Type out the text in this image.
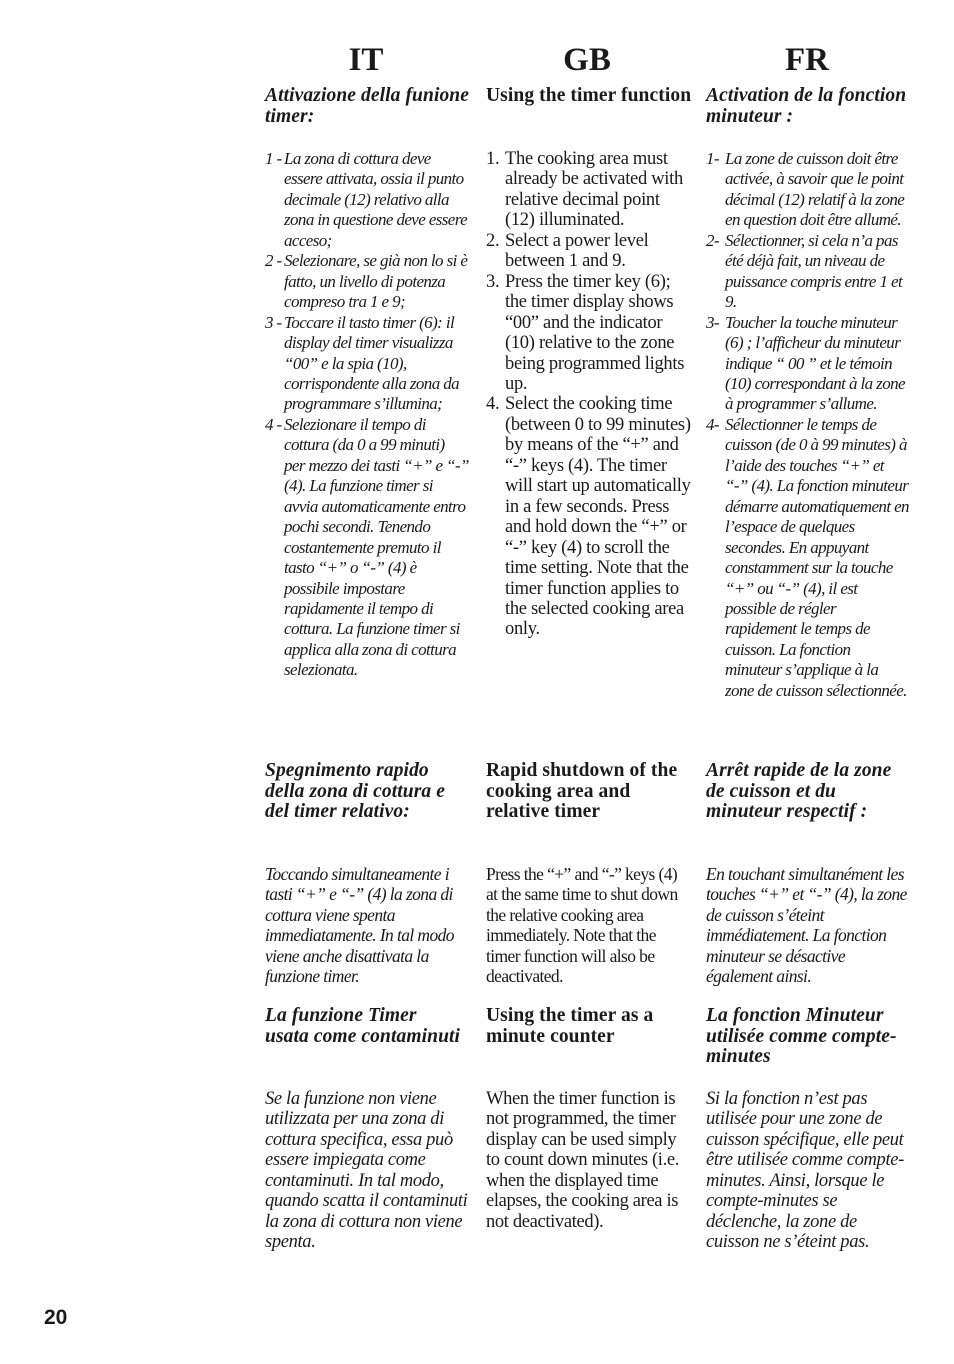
IT
Attivazione della funione timer:
1 - La zona di cottura deve essere attivata, ossia il punto decimale (12) relativo alla zona in questione deve essere acceso;
2 - Selezionare, se già non lo si è fatto, un livello di potenza compreso tra 1 e 9;
3 - Toccare il tasto timer (6): il display del timer visualizza “00” e la spia (10), corrispondente alla zona da programmare s’illumina;
4 - Selezionare il tempo di cottura (da 0 a 99 minuti) per mezzo dei tasti “+” e “-” (4). La funzione timer si avvia automaticamente entro pochi secondi. Tenendo costantemente premuto il tasto “+” o “-” (4) è possibile impostare rapidamente il tempo di cottura. La funzione timer si applica alla zona di cottura selezionata.
Spegnimento rapido della zona di cottura e del timer relativo:
Toccando simultaneamente i tasti “+” e “-” (4) la zona di cottura viene spenta immediatamente. In tal modo viene anche disattivata la funzione timer.
La funzione Timer usata come contaminuti
Se la funzione non viene utilizzata per una zona di cottura specifica, essa può essere impiegata come contaminuti. In tal modo, quando scatta il contaminuti la zona di cottura non viene spenta.
GB
Using the timer function
1. The cooking area must already be activated with relative decimal point (12) illuminated.
2. Select a power level between 1 and 9.
3. Press the timer key (6); the timer display shows “00” and the indicator (10) relative to the zone being programmed lights up.
4. Select the cooking time (between 0 to 99 minutes) by means of the “+” and “-” keys (4). The timer will start up automatically in a few seconds. Press and hold down the “+” or “-” key (4) to scroll the time setting. Note that the timer function applies to the selected cooking area only.
Rapid shutdown of the cooking area and relative timer
Press the “+” and “-” keys (4) at the same time to shut down the relative cooking area immediately. Note that the timer function will also be deactivated.
Using the timer as a minute counter
When the timer function is not programmed, the timer display can be used simply to count down minutes (i.e. when the displayed time elapses, the cooking area is not deactivated).
FR
Activation de la fonction minuteur :
1- La zone de cuisson doit être activée, à savoir que le point décimal (12) relatif à la zone en question doit être allumé.
2- Sélectionner, si cela n’a pas été déjà fait, un niveau de puissance compris entre 1 et 9.
3- Toucher la touche minuteur (6) ; l’afficheur du minuteur indique “ 00 ” et le témoin (10) correspondant à la zone à programmer s’allume.
4- Sélectionner le temps de cuisson (de 0 à 99 minutes) à l’aide des touches “+” et “-” (4). La fonction minuteur démarre automatiquement en l’espace de quelques secondes. En appuyant constamment sur la touche “+” ou “-” (4), il est possible de régler rapidement le temps de cuisson. La fonction minuteur s’applique à la zone de cuisson sélectionnée.
Arrêt rapide de la zone de cuisson et du minuteur respectif :
En touchant simultanément les touches “+” et “-” (4), la zone de cuisson s’éteint immédiatement. La fonction minuteur se désactive également ainsi.
La fonction Minuteur utilisée comme compte-minutes
Si la fonction n’est pas utilisée pour une zone de cuisson spécifique, elle peut être utilisée comme compte-minutes. Ainsi, lorsque le compte-minutes se déclenche, la zone de cuisson ne s’éteint pas.
20
